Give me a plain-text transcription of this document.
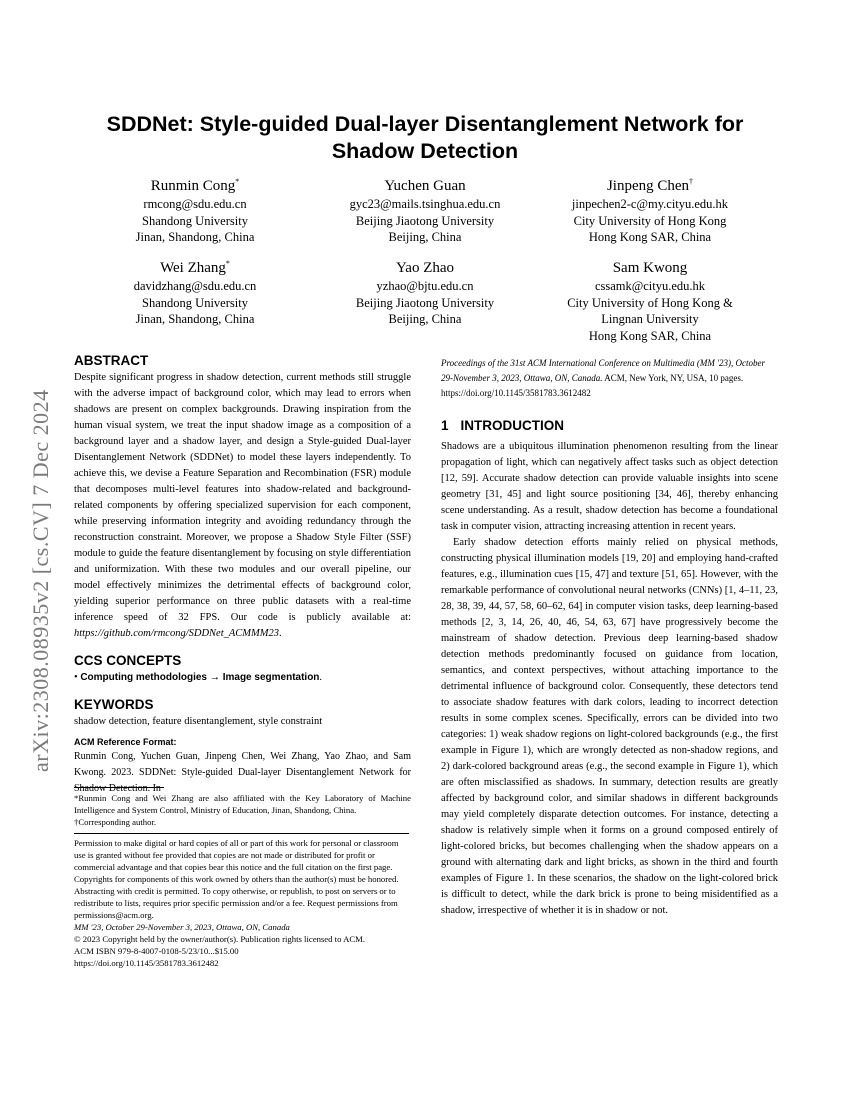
arXiv:2308.08935v2 [cs.CV] 7 Dec 2024
SDDNet: Style-guided Dual-layer Disentanglement Network for
Shadow Detection
Runmin Cong*
rmcong@sdu.edu.cn
Shandong University
Jinan, Shandong, China
Yuchen Guan
gyc23@mails.tsinghua.edu.cn
Beijing Jiaotong University
Beijing, China
Jinpeng Chen†
jinpechen2-c@my.cityu.edu.hk
City University of Hong Kong
Hong Kong SAR, China
Wei Zhang*
davidzhang@sdu.edu.cn
Shandong University
Jinan, Shandong, China
Yao Zhao
yzhao@bjtu.edu.cn
Beijing Jiaotong University
Beijing, China
Sam Kwong
cssamk@cityu.edu.hk
City University of Hong Kong &
Lingnan University
Hong Kong SAR, China
ABSTRACT

Despite significant progress in shadow detection, current methods still struggle with the adverse impact of background color, which may lead to errors when shadows are present on complex backgrounds. Drawing inspiration from the human visual system, we treat the input shadow image as a composition of a background layer and a shadow layer, and design a Style-guided Dual-layer Disentanglement Network (SDDNet) to model these layers independently. To achieve this, we devise a Feature Separation and Recombination (FSR) module that decomposes multi-level features into shadow-related and background-related components by offering specialized supervision for each component, while preserving information integrity and avoiding redundancy through the reconstruction constraint. Moreover, we propose a Shadow Style Filter (SSF) module to guide the feature disentanglement by focusing on style differentiation and uniformization. With these two modules and our overall pipeline, our model effectively minimizes the detrimental effects of background color, yielding superior performance on three public datasets with a real-time inference speed of 32 FPS. Our code is publicly available at: https://github.com/rmcong/SDDNet_ACMMM23.

CCS CONCEPTS

• Computing methodologies → Image segmentation.

KEYWORDS

shadow detection, feature disentanglement, style constraint

ACM Reference Format:
Runmin Cong, Yuchen Guan, Jinpeng Chen, Wei Zhang, Yao Zhao, and Sam Kwong. 2023. SDDNet: Style-guided Dual-layer Disentanglement Network for Shadow Detection. In
*Runmin Cong and Wei Zhang are also affiliated with the Key Laboratory of Machine Intelligence and System Control, Ministry of Education, Jinan, Shandong, China.
†Corresponding author.
Permission to make digital or hard copies of all or part of this work for personal or classroom use is granted without fee provided that copies are not made or distributed for profit or commercial advantage and that copies bear this notice and the full citation on the first page. Copyrights for components of this work owned by others than the author(s) must be honored. Abstracting with credit is permitted. To copy otherwise, or republish, to post on servers or to redistribute to lists, requires prior specific permission and/or a fee. Request permissions from permissions@acm.org.
MM '23, October 29-November 3, 2023, Ottawa, ON, Canada
© 2023 Copyright held by the owner/author(s). Publication rights licensed to ACM.
ACM ISBN 979-8-4007-0108-5/23/10...$15.00
https://doi.org/10.1145/3581783.3612482

Proceedings of the 31st ACM International Conference on Multimedia (MM '23), October 29-November 3, 2023, Ottawa, ON, Canada. ACM, New York, NY, USA, 10 pages. https://doi.org/10.1145/3581783.3612482

1 INTRODUCTION

Shadows are a ubiquitous illumination phenomenon resulting from the linear propagation of light, which can negatively affect tasks such as object detection [12, 59]. Accurate shadow detection can provide valuable insights into scene geometry [31, 45] and light source positioning [34, 46], thereby enhancing scene understanding. As a result, shadow detection has become a foundational task in computer vision, attracting increasing attention in recent years.

Early shadow detection efforts mainly relied on physical methods, constructing physical illumination models [19, 20] and employing hand-crafted features, e.g., illumination cues [15, 47] and texture [51, 65]. However, with the remarkable performance of convolutional neural networks (CNNs) [1, 4–11, 23, 28, 38, 39, 44, 57, 58, 60–62, 64] in computer vision tasks, deep learning-based methods [2, 3, 14, 26, 40, 46, 54, 63, 67] have progressively become the mainstream of shadow detection. Previous deep learning-based shadow detection methods predominantly focused on guidance from location, semantics, and context perspectives, without attaching importance to the detrimental influence of background color. Consequently, these detectors tend to associate shadow features with dark colors, leading to incorrect detection results in some complex scenes. Specifically, errors can be divided into two categories: 1) weak shadow regions on light-colored backgrounds (e.g., the first example in Figure 1), which are wrongly detected as non-shadow regions, and 2) dark-colored background areas (e.g., the second example in Figure 1), which are often misclassified as shadows. In summary, detection results are greatly affected by background color, and similar shadows in different backgrounds may yield completely disparate detection outcomes. For instance, detecting a shadow is relatively simple when it forms on a ground composed entirely of light-colored bricks, but becomes challenging when the shadow appears on a ground with alternating dark and light bricks, as shown in the third and fourth examples of Figure 1. In these scenarios, the shadow on the light-colored brick is difficult to detect, while the dark brick is prone to being misidentified as a shadow, irrespective of whether it is in shadow or not.
